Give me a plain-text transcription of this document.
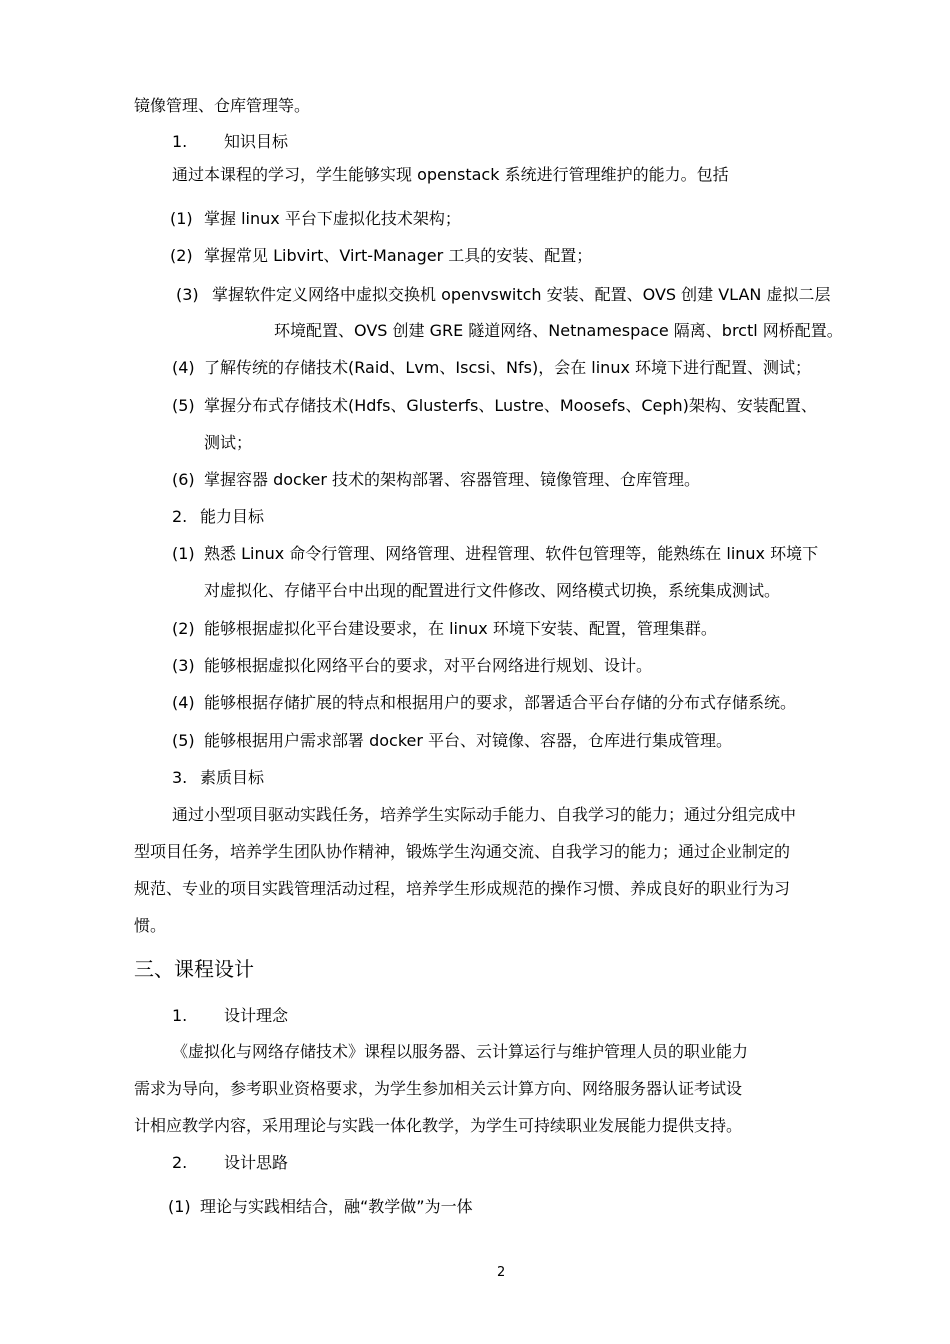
镜像管理、仓库管理等。
1. 知识目标
通过本课程的学习，学生能够实现 openstack 系统进行管理维护的能力。包括
(1) 掌握 linux 平台下虚拟化技术架构；
(2) 掌握常见 Libvirt、Virt-Manager 工具的安装、配置；
(3) 掌握软件定义网络中虚拟交换机 openvswitch 安装、配置、OVS 创建 VLAN 虚拟二层
环境配置、OVS 创建 GRE 隧道网络、Netnamespace 隔离、brctl 网桥配置。
(4) 了解传统的存储技术(Raid、Lvm、Iscsi、Nfs)，会在 linux 环境下进行配置、测试；
(5) 掌握分布式存储技术(Hdfs、Glusterfs、Lustre、Moosefs、Ceph)架构、安装配置、
测试；
(6) 掌握容器 docker 技术的架构部署、容器管理、镜像管理、仓库管理。
2. 能力目标
(1) 熟悉 Linux 命令行管理、网络管理、进程管理、软件包管理等，能熟练在 linux 环境下
对虚拟化、存储平台中出现的配置进行文件修改、网络模式切换，系统集成测试。
(2) 能够根据虚拟化平台建设要求，在 linux 环境下安装、配置，管理集群。
(3) 能够根据虚拟化网络平台的要求，对平台网络进行规划、设计。
(4) 能够根据存储扩展的特点和根据用户的要求，部署适合平台存储的分布式存储系统。
(5) 能够根据用户需求部署 docker 平台、对镜像、容器，仓库进行集成管理。
3. 素质目标
通过小型项目驱动实践任务，培养学生实际动手能力、自我学习的能力；通过分组完成中
型项目任务，培养学生团队协作精神，锻炼学生沟通交流、自我学习的能力；通过企业制定的
规范、专业的项目实践管理活动过程，培养学生形成规范的操作习惯、养成良好的职业行为习
惯。
三、课程设计
1. 设计理念
《虚拟化与网络存储技术》课程以服务器、云计算运行与维护管理人员的职业能力
需求为导向，参考职业资格要求，为学生参加相关云计算方向、网络服务器认证考试设
计相应教学内容，采用理论与实践一体化教学，为学生可持续职业发展能力提供支持。
2. 设计思路
(1) 理论与实践相结合，融“教学做”为一体
2
